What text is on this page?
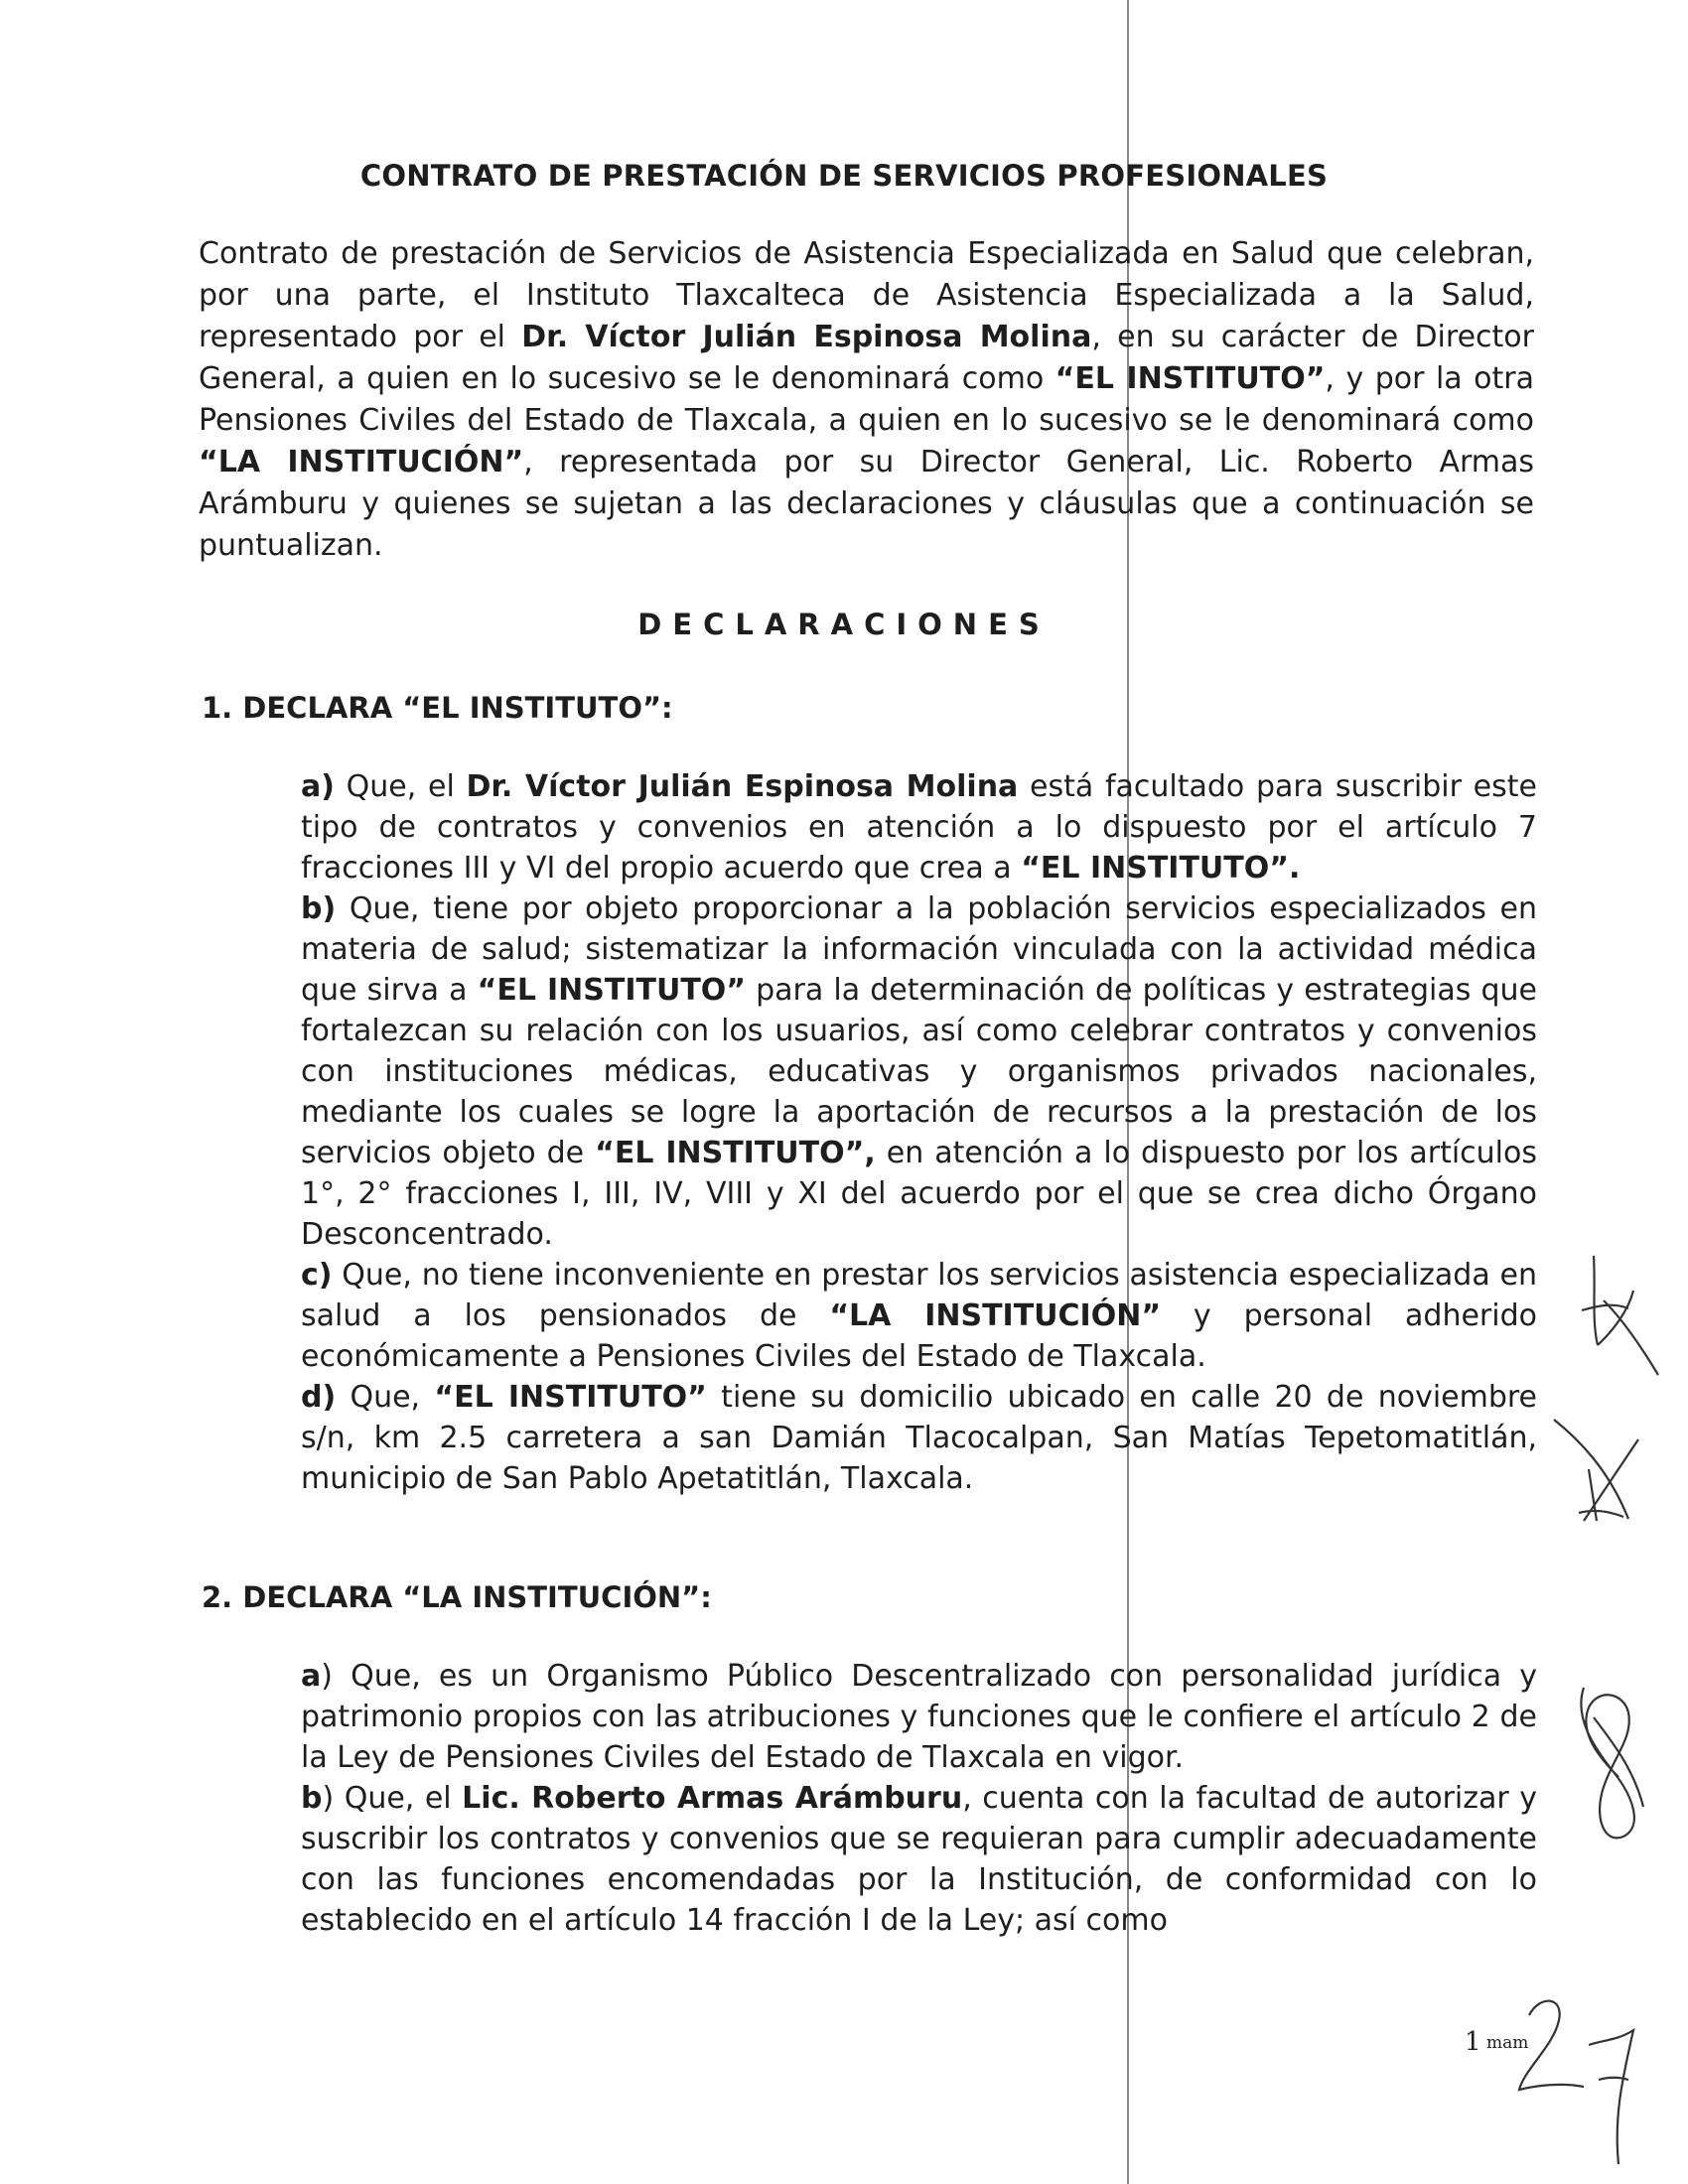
CONTRATO DE PRESTACIÓN DE SERVICIOS PROFESIONALES

Contrato de prestación de Servicios de Asistencia Especializada en Salud que celebran, por una parte, el Instituto Tlaxcalteca de Asistencia Especializada a la Salud, representado por el Dr. Víctor Julián Espinosa Molina, en su carácter de Director General, a quien en lo sucesivo se le denominará como “EL INSTITUTO”, y por la otra Pensiones Civiles del Estado de Tlaxcala, a quien en lo sucesivo se le denominará como “LA INSTITUCIÓN”, representada por su Director General, Lic. Roberto Armas Arámburu y quienes se sujetan a las declaraciones y cláusulas que a continuación se puntualizan.

DECLARACIONES
1. DECLARA “EL INSTITUTO”:

a) Que, el Dr. Víctor Julián Espinosa Molina está facultado para suscribir este tipo de contratos y convenios en atención a lo dispuesto por el artículo 7 fracciones III y VI del propio acuerdo que crea a “EL INSTITUTO”.

b) Que, tiene por objeto proporcionar a la población servicios especializados en materia de salud; sistematizar la información vinculada con la actividad médica que sirva a “EL INSTITUTO” para la determinación de políticas y estrategias que fortalezcan su relación con los usuarios, así como celebrar contratos y convenios con instituciones médicas, educativas y organismos privados nacionales, mediante los cuales se logre la aportación de recursos a la prestación de los servicios objeto de “EL INSTITUTO”, en atención a lo dispuesto por los artículos 1°, 2° fracciones I, III, IV, VIII y XI del acuerdo por el que se crea dicho Órgano Desconcentrado.

c) Que, no tiene inconveniente en prestar los servicios asistencia especializada en salud a los pensionados de “LA INSTITUCIÓN” y personal adherido económicamente a Pensiones Civiles del Estado de Tlaxcala.

d) Que, “EL INSTITUTO” tiene su domicilio ubicado en calle 20 de noviembre s/n, km 2.5 carretera a san Damián Tlacocalpan, San Matías Tepetomatitlán, municipio de San Pablo Apetatitlán, Tlaxcala.

2. DECLARA “LA INSTITUCIÓN”:

a) Que, es un Organismo Público Descentralizado con personalidad jurídica y patrimonio propios con las atribuciones y funciones que le confiere el artículo 2 de la Ley de Pensiones Civiles del Estado de Tlaxcala en vigor.

b) Que, el Lic. Roberto Armas Arámburu, cuenta con la facultad de autorizar y suscribir los contratos y convenios que se requieran para cumplir adecuadamente con las funciones encomendadas por la Institución, de conformidad con lo establecido en el artículo 14 fracción I de la Ley; así como

1 mam
